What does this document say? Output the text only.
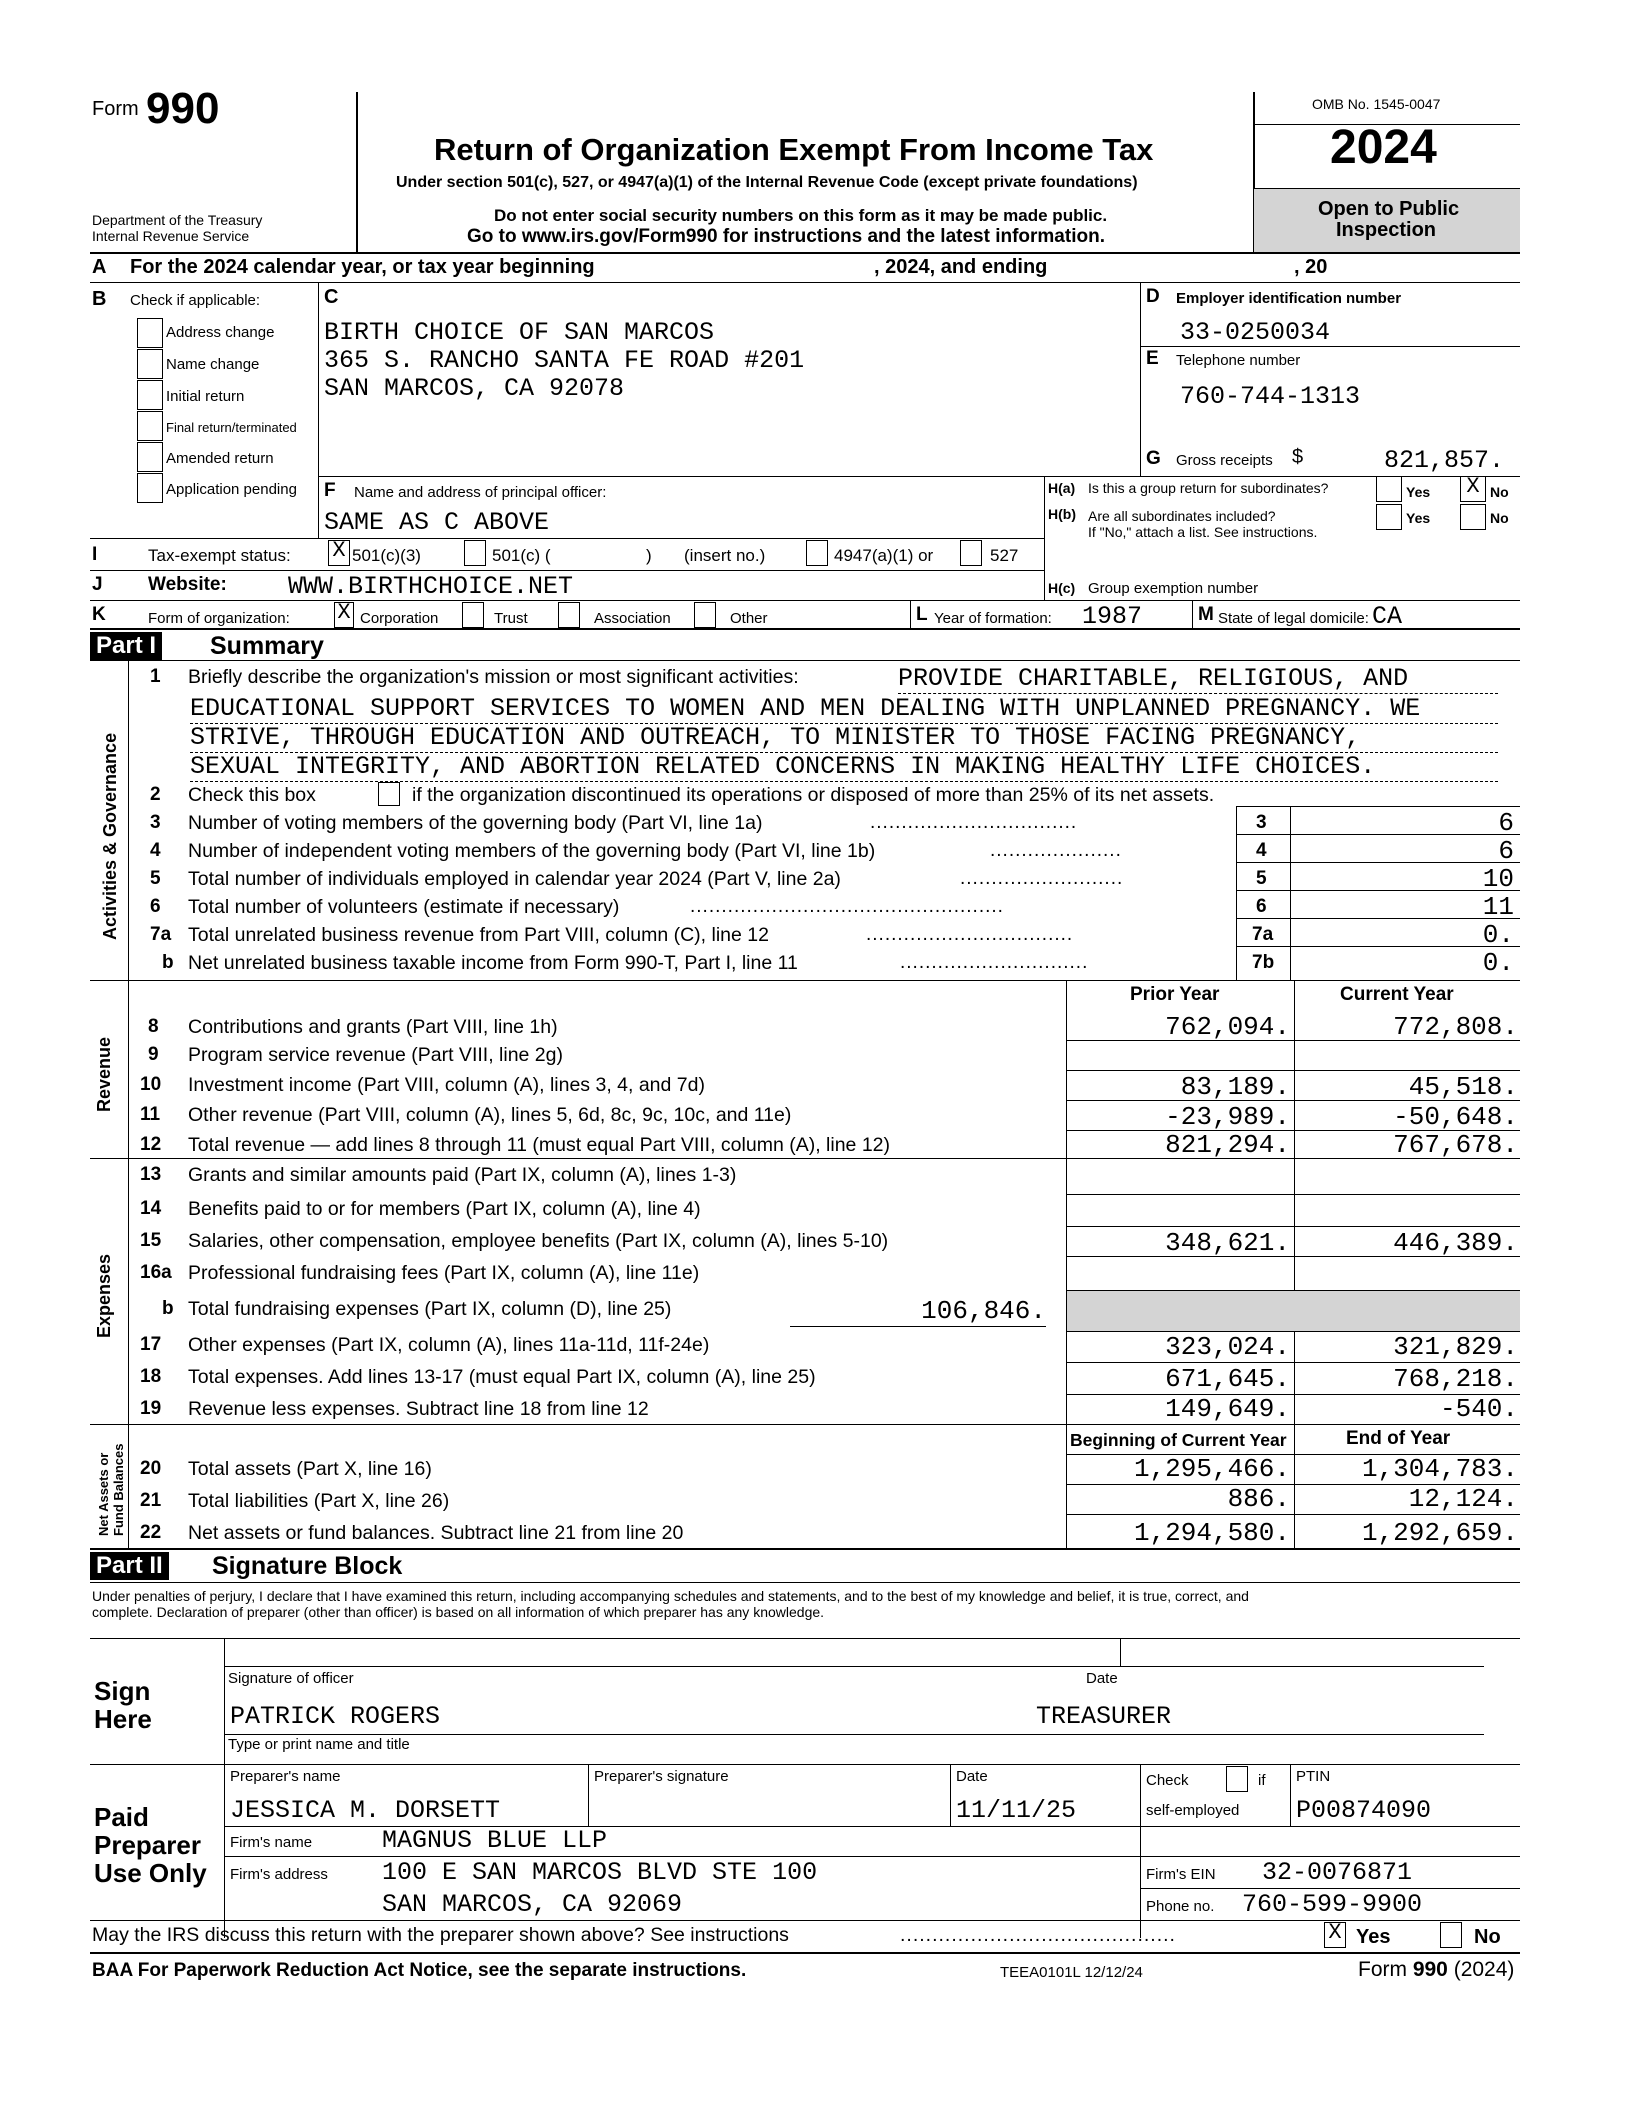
Form 990
Department of the Treasury
Internal Revenue Service
Return of Organization Exempt From Income Tax
Under section 501(c), 527, or 4947(a)(1) of the Internal Revenue Code (except private foundations)
Do not enter social security numbers on this form as it may be made public.
Go to www.irs.gov/Form990 for instructions and the latest information.
OMB No. 1545-0047
2024
Open to Public
Inspection
A For the 2024 calendar year, or tax year beginning	, 2024, and ending	, 20
B Check if applicable:
Address change
Name change
Initial return
Final return/terminated
Amended return
Application pending
C
BIRTH CHOICE OF SAN MARCOS
365 S. RANCHO SANTA FE ROAD #201
SAN MARCOS, CA 92078
D Employer identification number
33-0250034
E Telephone number
760-744-1313
G Gross receipts $	821,857.
F Name and address of principal officer:
SAME AS C ABOVE
H(a) Is this a group return for subordinates?	Yes X No
H(b) Are all subordinates included?
If "No," attach a list. See instructions.
Yes	No
I	Tax-exempt status: X 501(c)(3)	501(c) (	) (insert no.)	4947(a)(1) or	527
J Website: WWW.BIRTHCHOICE.NET	H(c) Group exemption number
K	Form of organization: X Corporation	Trust	Association	Other	L Year of formation: 1987	M State of legal domicile: CA
Part I Summary
Activities & Governance
Revenue
Expenses
Net Assets or Fund Balances
1 Briefly describe the organization's mission or most significant activities:	PROVIDE CHARITABLE, RELIGIOUS, AND
EDUCATIONAL SUPPORT SERVICES TO WOMEN AND MEN DEALING WITH UNPLANNED PREGNANCY. WE
STRIVE, THROUGH EDUCATION AND OUTREACH, TO MINISTER TO THOSE FACING PREGNANCY,
SEXUAL INTEGRITY, AND ABORTION RELATED CONCERNS IN MAKING HEALTHY LIFE CHOICES.
2 Check this box	if the organization discontinued its operations or disposed of more than 25% of its net assets.
3 Number of voting members of the governing body (Part VI, line 1a)	3	6
4 Number of independent voting members of the governing body (Part VI, line 1b)	4	6
5 Total number of individuals employed in calendar year 2024 (Part V, line 2a)	5	10
6 Total number of volunteers (estimate if necessary)	6	11
7a Total unrelated business revenue from Part VIII, column (C), line 12	7a	0.
b Net unrelated business taxable income from Form 990-T, Part I, line 11	7b	0.
Prior Year	Current Year
8 Contributions and grants (Part VIII, line 1h)	762,094.	772,808.
9 Program service revenue (Part VIII, line 2g)
10 Investment income (Part VIII, column (A), lines 3, 4, and 7d)	83,189.	45,518.
11 Other revenue (Part VIII, column (A), lines 5, 6d, 8c, 9c, 10c, and 11e)	-23,989.	-50,648.
12 Total revenue — add lines 8 through 11 (must equal Part VIII, column (A), line 12)	821,294.	767,678.
13 Grants and similar amounts paid (Part IX, column (A), lines 1-3)
14 Benefits paid to or for members (Part IX, column (A), line 4)
15 Salaries, other compensation, employee benefits (Part IX, column (A), lines 5-10)	348,621.	446,389.
16a Professional fundraising fees (Part IX, column (A), line 11e)
b Total fundraising expenses (Part IX, column (D), line 25)	106,846.
17 Other expenses (Part IX, column (A), lines 11a-11d, 11f-24e)	323,024.	321,829.
18 Total expenses. Add lines 13-17 (must equal Part IX, column (A), line 25)	671,645.	768,218.
19 Revenue less expenses. Subtract line 18 from line 12	149,649.	-540.
Beginning of Current Year	End of Year
20 Total assets (Part X, line 16)	1,295,466.	1,304,783.
21 Total liabilities (Part X, line 26)	886.	12,124.
22 Net assets or fund balances. Subtract line 21 from line 20	1,294,580.	1,292,659.
Part II Signature Block
Under penalties of perjury, I declare that I have examined this return, including accompanying schedules and statements, and to the best of my knowledge and belief, it is true, correct, and
complete. Declaration of preparer (other than officer) is based on all information of which preparer has any knowledge.
Sign
Here
Signature of officer	Date
PATRICK ROGERS	TREASURER
Type or print name and title
Paid
Preparer
Use Only
Preparer's name	Preparer's signature	Date	Check	if PTIN
JESSICA M. DORSETT	11/11/25	self-employed P00874090
Firm's name	MAGNUS BLUE LLP
Firm's address 100 E SAN MARCOS BLVD STE 100
SAN MARCOS, CA 92069
Firm's EIN 32-0076871
Phone no. 760-599-9900
May the IRS discuss this return with the preparer shown above? See instructions	...........................................	X Yes	No
BAA For Paperwork Reduction Act Notice, see the separate instructions.	TEEA0101L 12/12/24	Form 990 (2024)
.................................
.....................
..........................
..................................................
.................................
..............................
